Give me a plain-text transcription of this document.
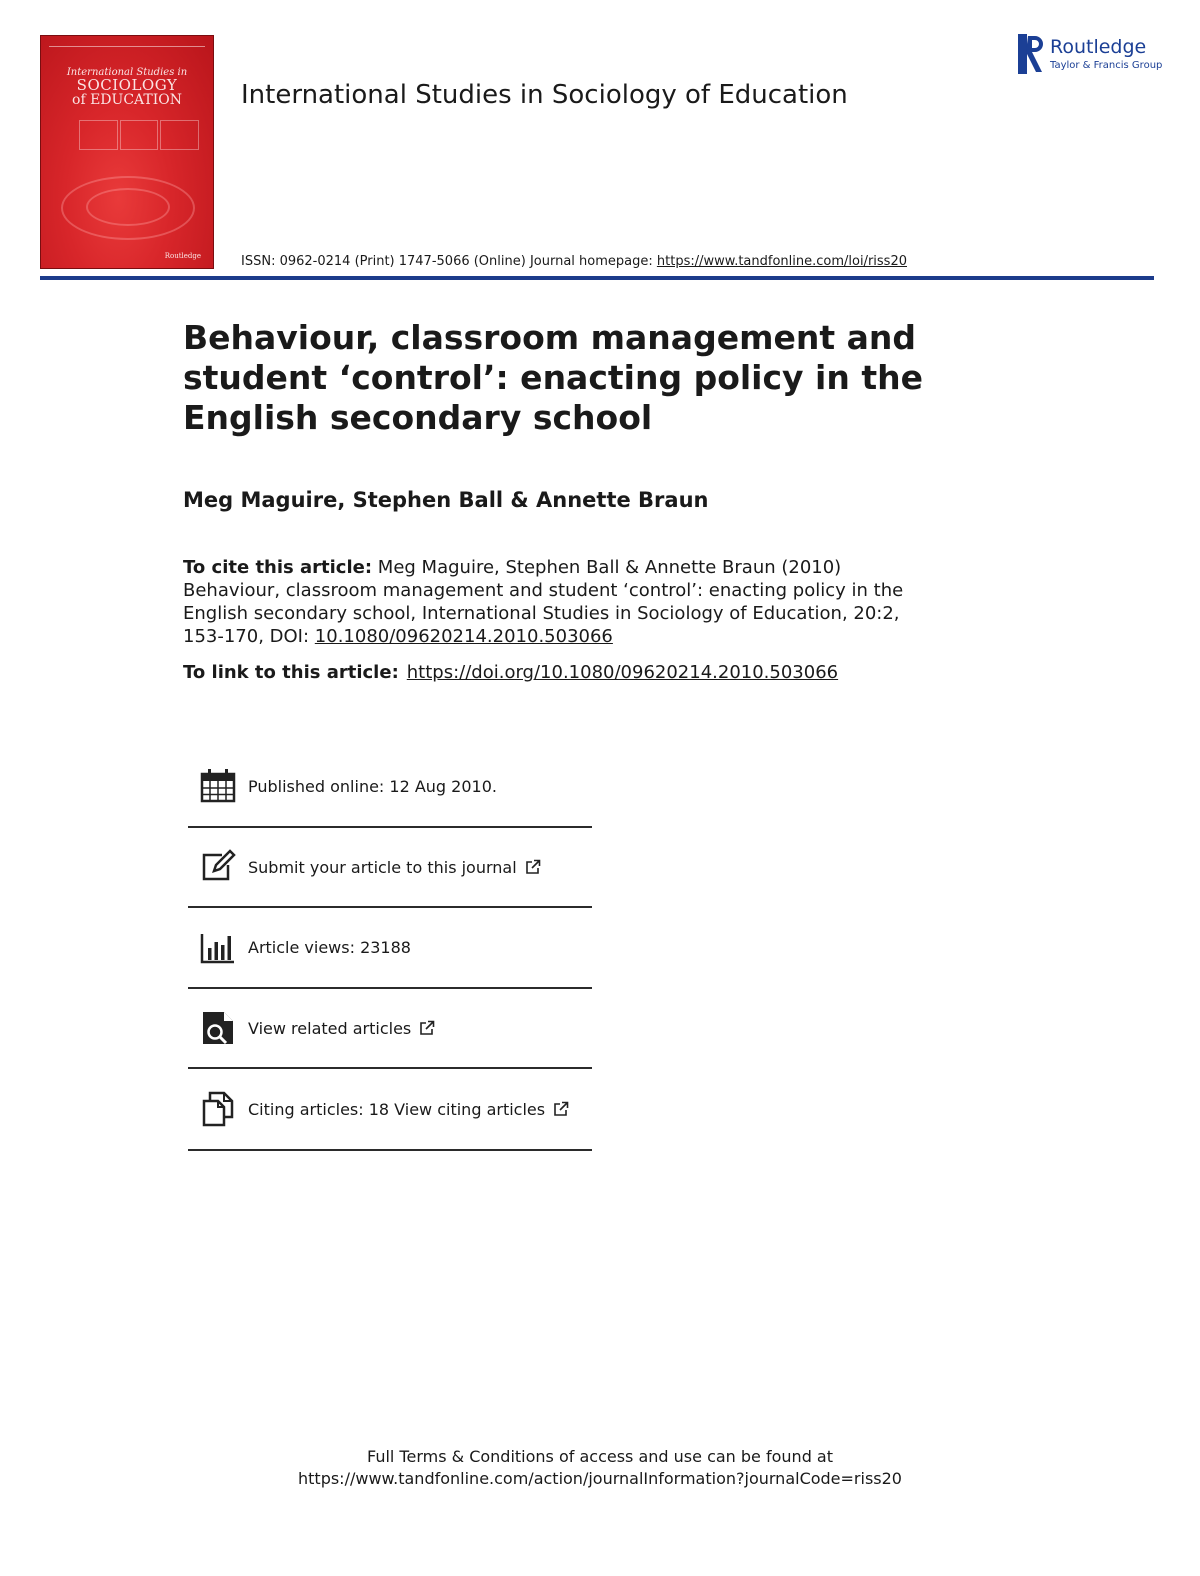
International Studies in
SOCIOLOGY
of EDUCATION
Routledge
International Studies in Sociology of Education
Routledge
Taylor & Francis Group
ISSN: 0962-0214 (Print) 1747-5066 (Online) Journal homepage: https://www.tandfonline.com/loi/riss20
Behaviour, classroom management and student ‘control’: enacting policy in the English secondary school
Meg Maguire, Stephen Ball & Annette Braun
To cite this article: Meg Maguire, Stephen Ball & Annette Braun (2010) Behaviour, classroom management and student ‘control’: enacting policy in the English secondary school, International Studies in Sociology of Education, 20:2, 153-170, DOI: 10.1080/09620214.2010.503066
To link to this article: https://doi.org/10.1080/09620214.2010.503066
Published online: 12 Aug 2010.
Submit your article to this journal
Article views: 23188
View related articles
Citing articles: 18 View citing articles
Full Terms & Conditions of access and use can be found at
https://www.tandfonline.com/action/journalInformation?journalCode=riss20
